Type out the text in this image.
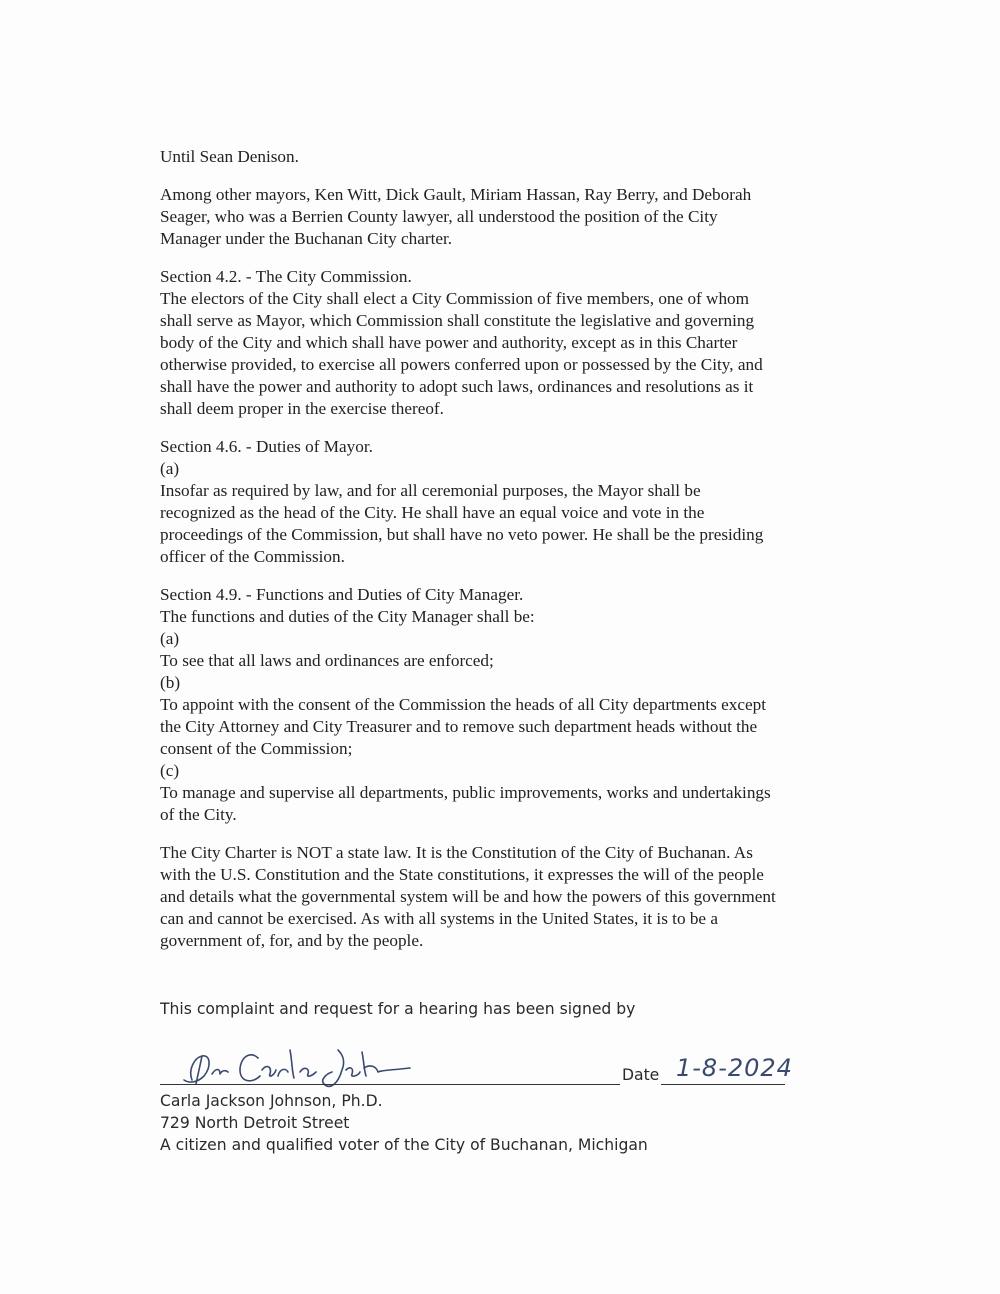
Until Sean Denison.
Among other mayors, Ken Witt, Dick Gault, Miriam Hassan, Ray Berry, and Deborah
Seager, who was a Berrien County lawyer, all understood the position of the City
Manager under the Buchanan City charter.
Section 4.2. - The City Commission.
The electors of the City shall elect a City Commission of five members, one of whom
shall serve as Mayor, which Commission shall constitute the legislative and governing
body of the City and which shall have power and authority, except as in this Charter
otherwise provided, to exercise all powers conferred upon or possessed by the City, and
shall have the power and authority to adopt such laws, ordinances and resolutions as it
shall deem proper in the exercise thereof.
Section 4.6. - Duties of Mayor.
(a)
Insofar as required by law, and for all ceremonial purposes, the Mayor shall be
recognized as the head of the City. He shall have an equal voice and vote in the
proceedings of the Commission, but shall have no veto power. He shall be the presiding
officer of the Commission.
Section 4.9. - Functions and Duties of City Manager.
The functions and duties of the City Manager shall be:
(a)
To see that all laws and ordinances are enforced;
(b)
To appoint with the consent of the Commission the heads of all City departments except
the City Attorney and City Treasurer and to remove such department heads without the
consent of the Commission;
(c)
To manage and supervise all departments, public improvements, works and undertakings
of the City.
The City Charter is NOT a state law. It is the Constitution of the City of Buchanan. As
with the U.S. Constitution and the State constitutions, it expresses the will of the people
and details what the governmental system will be and how the powers of this government
can and cannot be exercised. As with all systems in the United States, it is to be a
government of, for, and by the people.
This complaint and request for a hearing has been signed by
Date 1-8-2024
Carla Jackson Johnson, Ph.D.
729 North Detroit Street
A citizen and qualified voter of the City of Buchanan, Michigan
